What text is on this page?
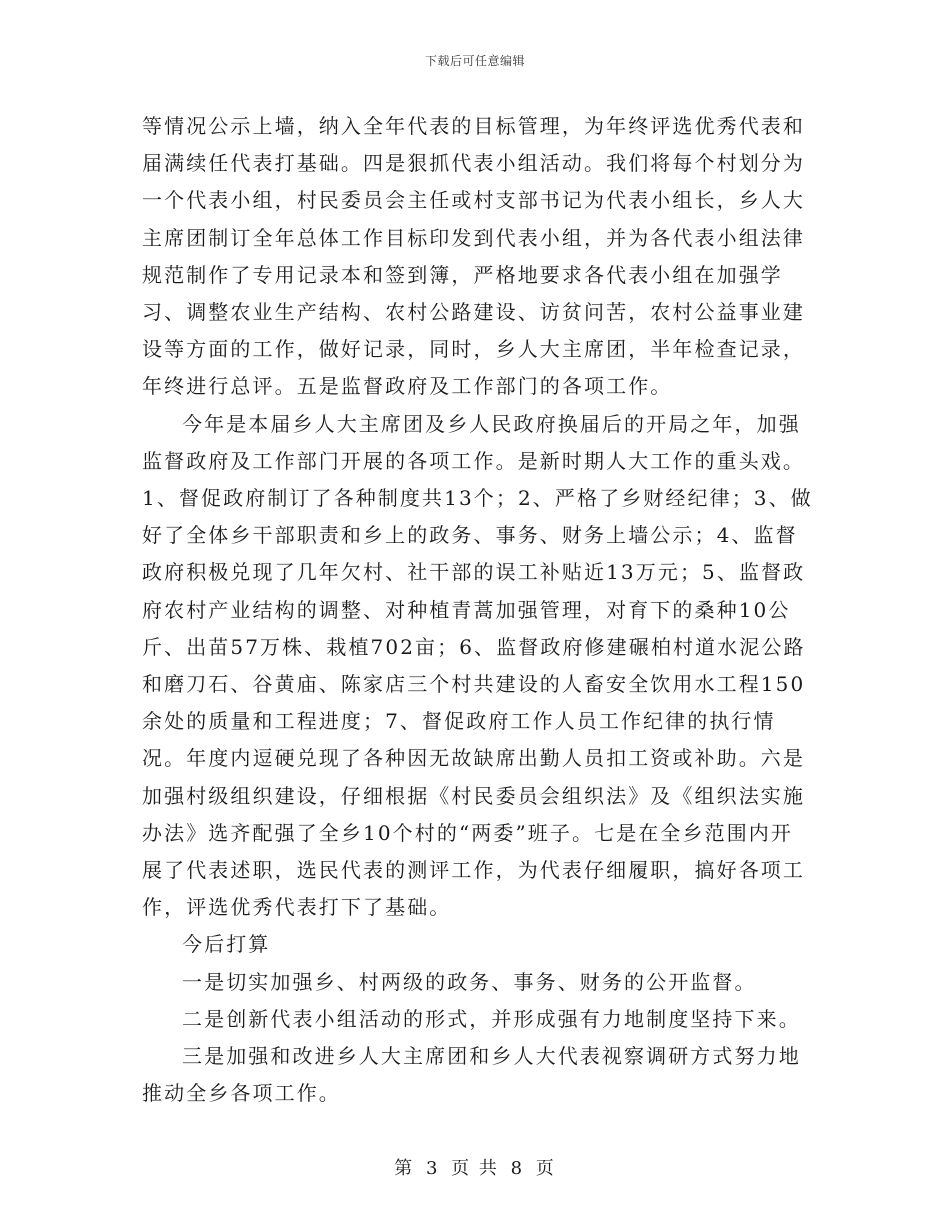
下载后可任意编辑

等情况公示上墙，纳入全年代表的目标管理，为年终评选优秀代表和届满续任代表打基础。四是狠抓代表小组活动。我们将每个村划分为一个代表小组，村民委员会主任或村支部书记为代表小组长，乡人大主席团制订全年总体工作目标印发到代表小组，并为各代表小组法律规范制作了专用记录本和签到簿，严格地要求各代表小组在加强学习、调整农业生产结构、农村公路建设、访贫问苦，农村公益事业建设等方面的工作，做好记录，同时，乡人大主席团，半年检查记录，年终进行总评。五是监督政府及工作部门的各项工作。

今年是本届乡人大主席团及乡人民政府换届后的开局之年，加强监督政府及工作部门开展的各项工作。是新时期人大工作的重头戏。1、督促政府制订了各种制度共13个；2、严格了乡财经纪律；3、做好了全体乡干部职责和乡上的政务、事务、财务上墙公示；4、监督政府积极兑现了几年欠村、社干部的误工补贴近13万元；5、监督政府农村产业结构的调整、对种植青蒿加强管理，对育下的桑种10公斤、出苗57万株、栽植702亩；6、监督政府修建碾柏村道水泥公路和磨刀石、谷黄庙、陈家店三个村共建设的人畜安全饮用水工程150余处的质量和工程进度；7、督促政府工作人员工作纪律的执行情况。年度内逗硬兑现了各种因无故缺席出勤人员扣工资或补助。六是加强村级组织建设，仔细根据《村民委员会组织法》及《组织法实施办法》选齐配强了全乡10个村的“两委”班子。七是在全乡范围内开展了代表述职，选民代表的测评工作，为代表仔细履职，搞好各项工作，评选优秀代表打下了基础。

今后打算

一是切实加强乡、村两级的政务、事务、财务的公开监督。

二是创新代表小组活动的形式，并形成强有力地制度坚持下来。

三是加强和改进乡人大主席团和乡人大代表视察调研方式努力地推动全乡各项工作。

第 3 页 共 8 页
